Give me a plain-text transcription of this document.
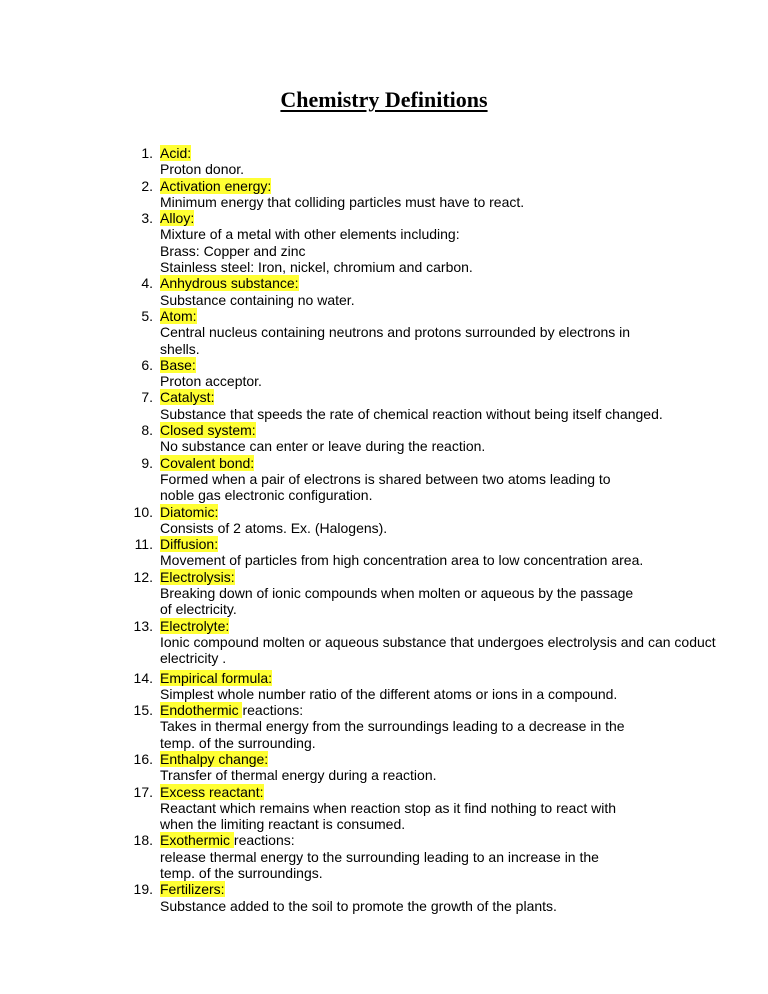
Chemistry Definitions
1. Acid:
Proton donor.
2. Activation energy:
Minimum energy that colliding particles must have to react.
3. Alloy:
Mixture of a metal with other elements including:
Brass: Copper and zinc
Stainless steel: Iron, nickel, chromium and carbon.
4. Anhydrous substance:
Substance containing no water.
5. Atom:
Central nucleus containing neutrons and protons surrounded by electrons in
shells.
6. Base:
Proton acceptor.
7. Catalyst:
Substance that speeds the rate of chemical reaction without being itself changed.
8. Closed system:
No substance can enter or leave during the reaction.
9. Covalent bond:
Formed when a pair of electrons is shared between two atoms leading to
noble gas electronic configuration.
10. Diatomic:
Consists of 2 atoms. Ex. (Halogens).
11. Diffusion:
Movement of particles from high concentration area to low concentration area.
12. Electrolysis:
Breaking down of ionic compounds when molten or aqueous by the passage
of electricity.
13. Electrolyte:
Ionic compound molten or aqueous substance that undergoes electrolysis and can coduct
electricity .
14. Empirical formula:
Simplest whole number ratio of the different atoms or ions in a compound.
15. Endothermic reactions:
Takes in thermal energy from the surroundings leading to a decrease in the
temp. of the surrounding.
16. Enthalpy change:
Transfer of thermal energy during a reaction.
17. Excess reactant:
Reactant which remains when reaction stop as it find nothing to react with
when the limiting reactant is consumed.
18. Exothermic reactions:
release thermal energy to the surrounding leading to an increase in the
temp. of the surroundings.
19. Fertilizers:
Substance added to the soil to promote the growth of the plants.
